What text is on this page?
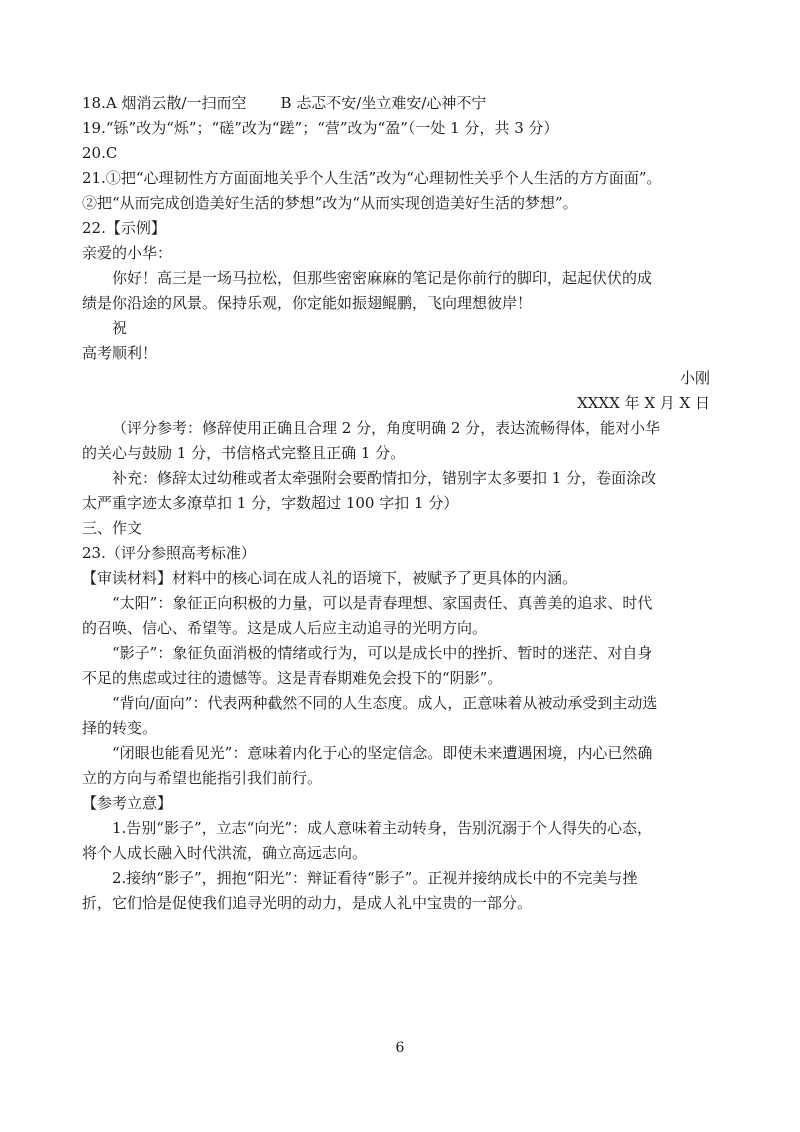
18.A 烟消云散/一扫而空 B 忐忑不安/坐立难安/心神不宁
19.“铄”改为“烁”；“磋”改为“蹉”；“营”改为“盈”（一处 1 分，共 3 分）
20.C
21.①把“心理韧性方方面面地关乎个人生活”改为“心理韧性关乎个人生活的方方面面”。
②把“从而完成创造美好生活的梦想”改为“从而实现创造美好生活的梦想”。
22.【示例】
亲爱的小华：
你好！高三是一场马拉松，但那些密密麻麻的笔记是你前行的脚印，起起伏伏的成
绩是你沿途的风景。保持乐观，你定能如振翅鲲鹏，飞向理想彼岸！
祝
高考顺利！
小刚
XXXX 年 X 月 X 日
（评分参考：修辞使用正确且合理 2 分，角度明确 2 分，表达流畅得体，能对小华
的关心与鼓励 1 分，书信格式完整且正确 1 分。
补充：修辞太过幼稚或者太牵强附会要酌情扣分，错别字太多要扣 1 分，卷面涂改
太严重字迹太多潦草扣 1 分，字数超过 100 字扣 1 分）
三、作文
23.（评分参照高考标准）
【审读材料】材料中的核心词在成人礼的语境下，被赋予了更具体的内涵。
“太阳”：象征正向积极的力量，可以是青春理想、家国责任、真善美的追求、时代
的召唤、信心、希望等。这是成人后应主动追寻的光明方向。
“影子”：象征负面消极的情绪或行为，可以是成长中的挫折、暂时的迷茫、对自身
不足的焦虑或过往的遗憾等。这是青春期难免会投下的“阴影”。
“背向/面向”：代表两种截然不同的人生态度。成人，正意味着从被动承受到主动选
择的转变。
“闭眼也能看见光”：意味着内化于心的坚定信念。即使未来遭遇困境，内心已然确
立的方向与希望也能指引我们前行。
【参考立意】
1.告别“影子”，立志“向光”：成人意味着主动转身，告别沉溺于个人得失的心态，
将个人成长融入时代洪流，确立高远志向。
2.接纳“影子”，拥抱“阳光”：辩证看待“影子”。正视并接纳成长中的不完美与挫
折，它们恰是促使我们追寻光明的动力，是成人礼中宝贵的一部分。
6
